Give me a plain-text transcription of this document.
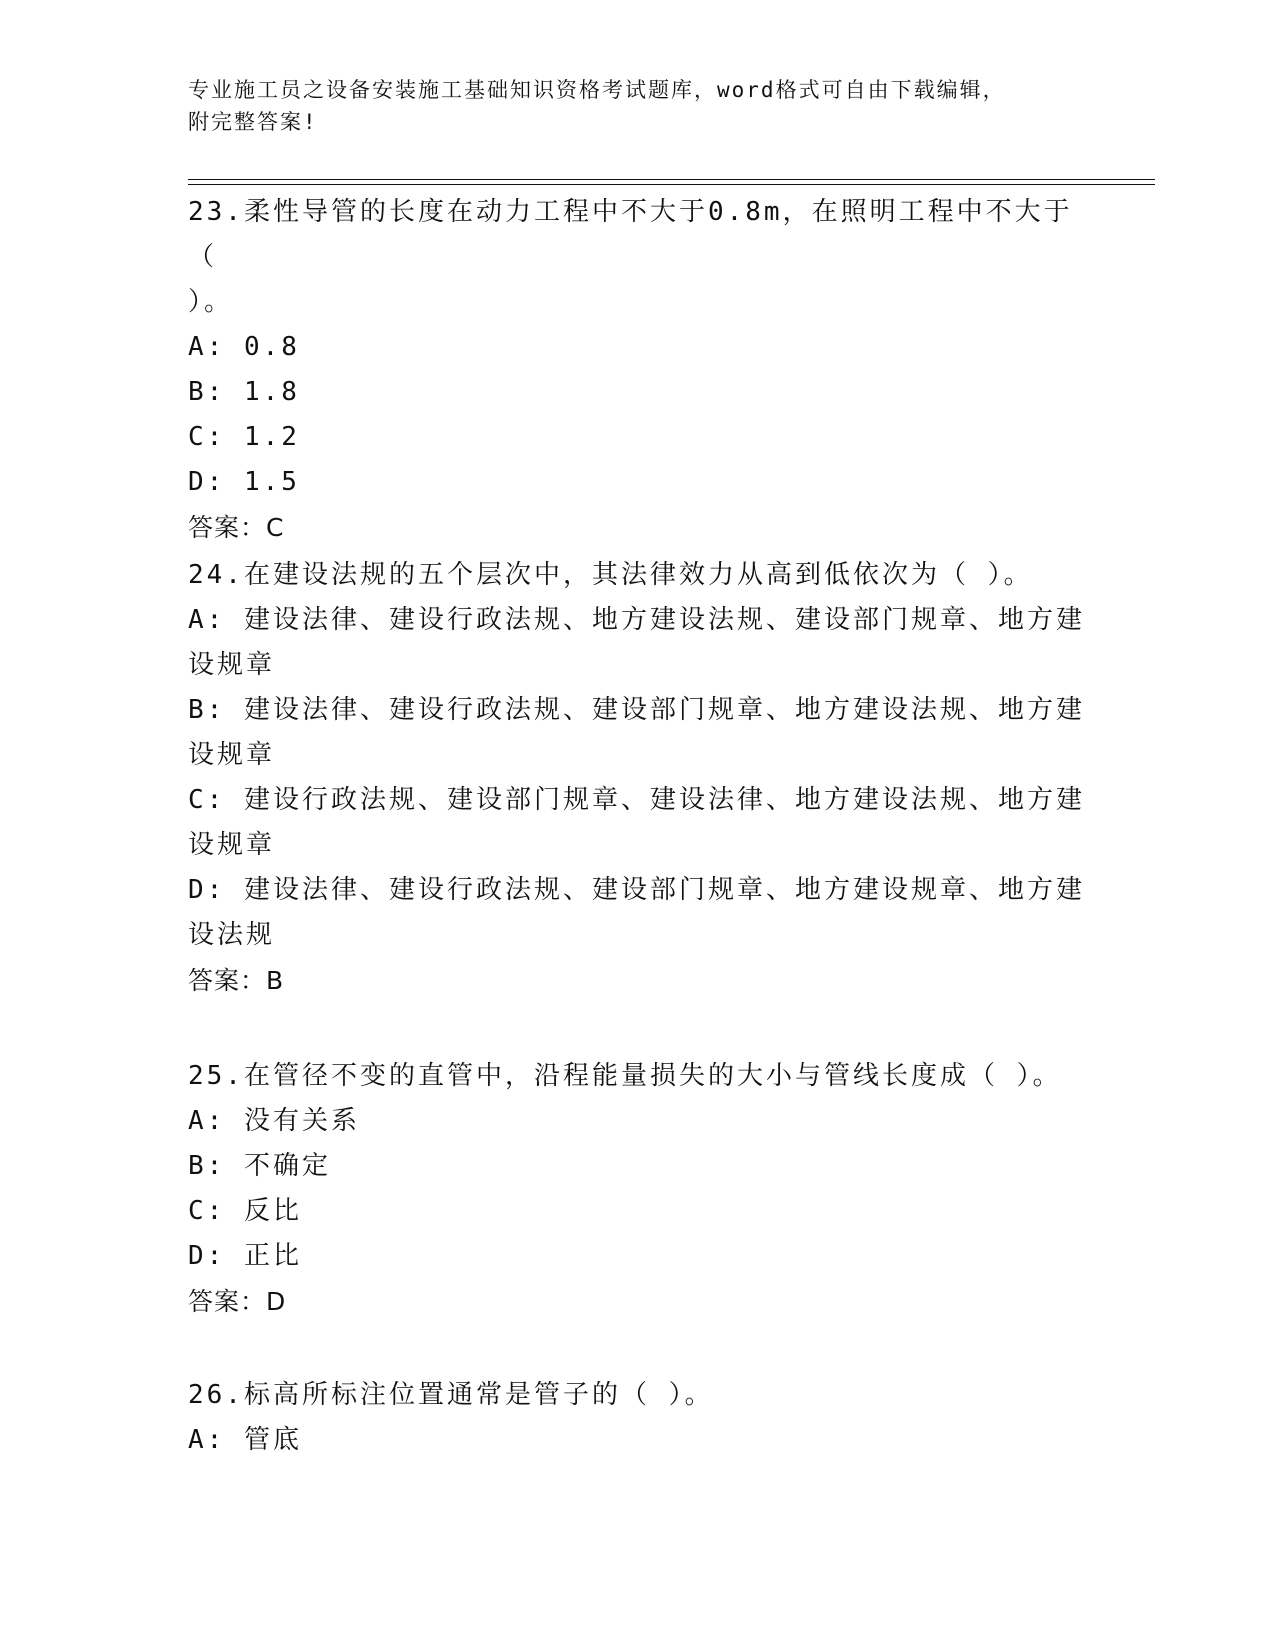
专业施工员之设备安装施工基础知识资格考试题库，word格式可自由下载编辑，
附完整答案!
23.柔性导管的长度在动力工程中不大于0.8m，在照明工程中不大于（
）。
A: 0.8
B: 1.8
C: 1.2
D: 1.5
答案：C
24.在建设法规的五个层次中，其法律效力从高到低依次为（ ）。
A: 建设法律、建设行政法规、地方建设法规、建设部门规章、地方建
设规章
B: 建设法律、建设行政法规、建设部门规章、地方建设法规、地方建
设规章
C: 建设行政法规、建设部门规章、建设法律、地方建设法规、地方建
设规章
D: 建设法律、建设行政法规、建设部门规章、地方建设规章、地方建
设法规
答案：B
25.在管径不变的直管中，沿程能量损失的大小与管线长度成（ ）。
A: 没有关系
B: 不确定
C: 反比
D: 正比
答案：D
26.标高所标注位置通常是管子的（ ）。
A: 管底
